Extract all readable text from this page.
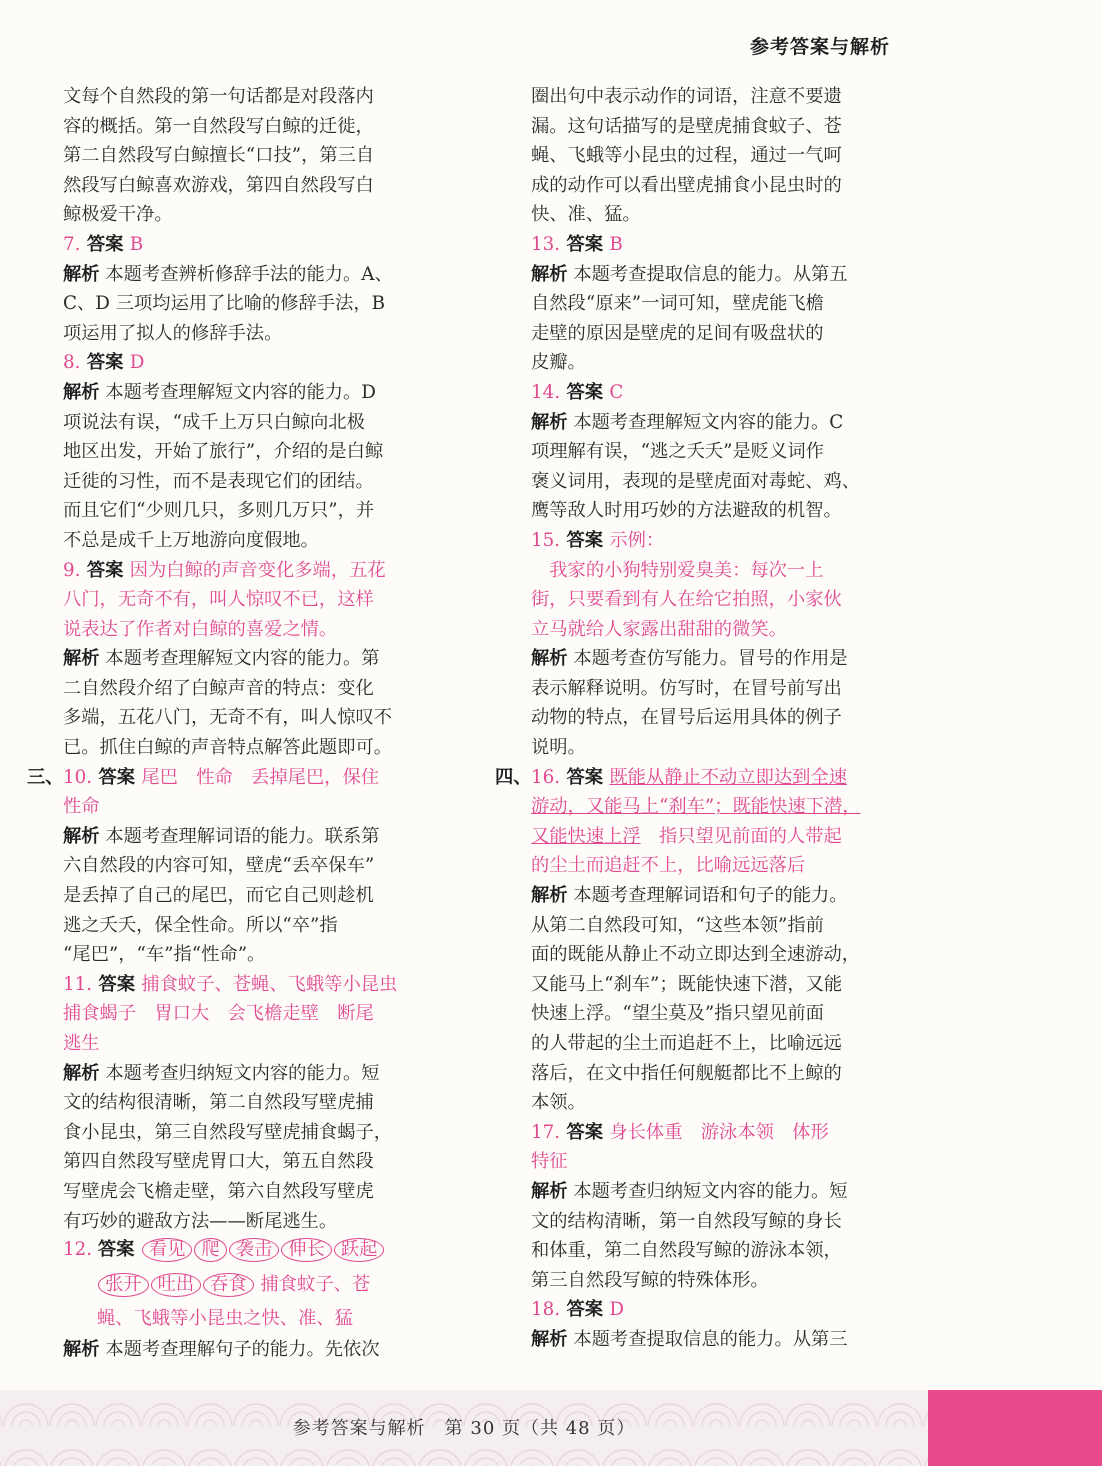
参考答案与解析
文每个自然段的第一句话都是对段落内
容的概括。第一自然段写白鲸的迁徙，
第二自然段写白鲸擅长“口技”，第三自
然段写白鲸喜欢游戏，第四自然段写白
鲸极爱干净。
7. 答案 B
解析 本题考查辨析修辞手法的能力。A、
C、D 三项均运用了比喻的修辞手法，B
项运用了拟人的修辞手法。
8. 答案 D
解析 本题考查理解短文内容的能力。D
项说法有误，“成千上万只白鲸向北极
地区出发，开始了旅行”，介绍的是白鲸
迁徙的习性，而不是表现它们的团结。
而且它们“少则几只，多则几万只”，并
不总是成千上万地游向度假地。
9. 答案 因为白鲸的声音变化多端，五花
八门，无奇不有，叫人惊叹不已，这样
说表达了作者对白鲸的喜爱之情。
解析 本题考查理解短文内容的能力。第
二自然段介绍了白鲸声音的特点：变化
多端，五花八门，无奇不有，叫人惊叹不
已。抓住白鲸的声音特点解答此题即可。
三、 10. 答案 尾巴　性命　丢掉尾巴，保住
性命
解析 本题考查理解词语的能力。联系第
六自然段的内容可知，壁虎“丢卒保车”
是丢掉了自己的尾巴，而它自己则趁机
逃之夭夭，保全性命。所以“卒”指
“尾巴”，“车”指“性命”。
11. 答案 捕食蚊子、苍蝇、飞蛾等小昆虫
捕食蝎子　胃口大　会飞檐走壁　断尾
逃生
解析 本题考查归纳短文内容的能力。短
文的结构很清晰，第二自然段写壁虎捕
食小昆虫，第三自然段写壁虎捕食蝎子，
第四自然段写壁虎胃口大，第五自然段
写壁虎会飞檐走壁，第六自然段写壁虎
有巧妙的避敌方法——断尾逃生。
圈出句中表示动作的词语，注意不要遗
漏。这句话描写的是壁虎捕食蚊子、苍
蝇、飞蛾等小昆虫的过程，通过一气呵
成的动作可以看出壁虎捕食小昆虫时的
快、准、猛。
13. 答案 B
解析 本题考查提取信息的能力。从第五
自然段“原来”一词可知，壁虎能飞檐
走壁的原因是壁虎的足间有吸盘状的
皮瓣。
14. 答案 C
解析 本题考查理解短文内容的能力。C
项理解有误，“逃之夭夭”是贬义词作
褒义词用，表现的是壁虎面对毒蛇、鸡、
鹰等敌人时用巧妙的方法避敌的机智。
15. 答案 示例：
　我家的小狗特别爱臭美：每次一上
街，只要看到有人在给它拍照，小家伙
立马就给人家露出甜甜的微笑。
解析 本题考查仿写能力。冒号的作用是
表示解释说明。仿写时，在冒号前写出
动物的特点，在冒号后运用具体的例子
说明。
四、 16. 答案 既能从静止不动立即达到全速
游动，又能马上“刹车”；既能快速下潜，
又能快速上浮　指只望见前面的人带起
的尘土而追赶不上，比喻远远落后
解析 本题考查理解词语和句子的能力。
从第二自然段可知，“这些本领”指前
面的既能从静止不动立即达到全速游动，
又能马上“刹车”；既能快速下潜，又能
快速上浮。“望尘莫及”指只望见前面
的人带起的尘土而追赶不上，比喻远远
落后，在文中指任何舰艇都比不上鲸的
本领。
17. 答案 身长体重　游泳本领　体形
特征
解析 本题考查归纳短文内容的能力。短
文的结构清晰，第一自然段写鲸的身长
和体重，第二自然段写鲸的游泳本领，
第三自然段写鲸的特殊体形。
18. 答案 D
解析 本题考查提取信息的能力。从第三
12. 答案 看见 爬 袭击 伸长 跃起
张开 吐出 吞食 捕食蚊子、苍
蝇、飞蛾等小昆虫之快、准、猛
解析 本题考查理解句子的能力。先依次
参考答案与解析　第 30 页（共 48 页）
